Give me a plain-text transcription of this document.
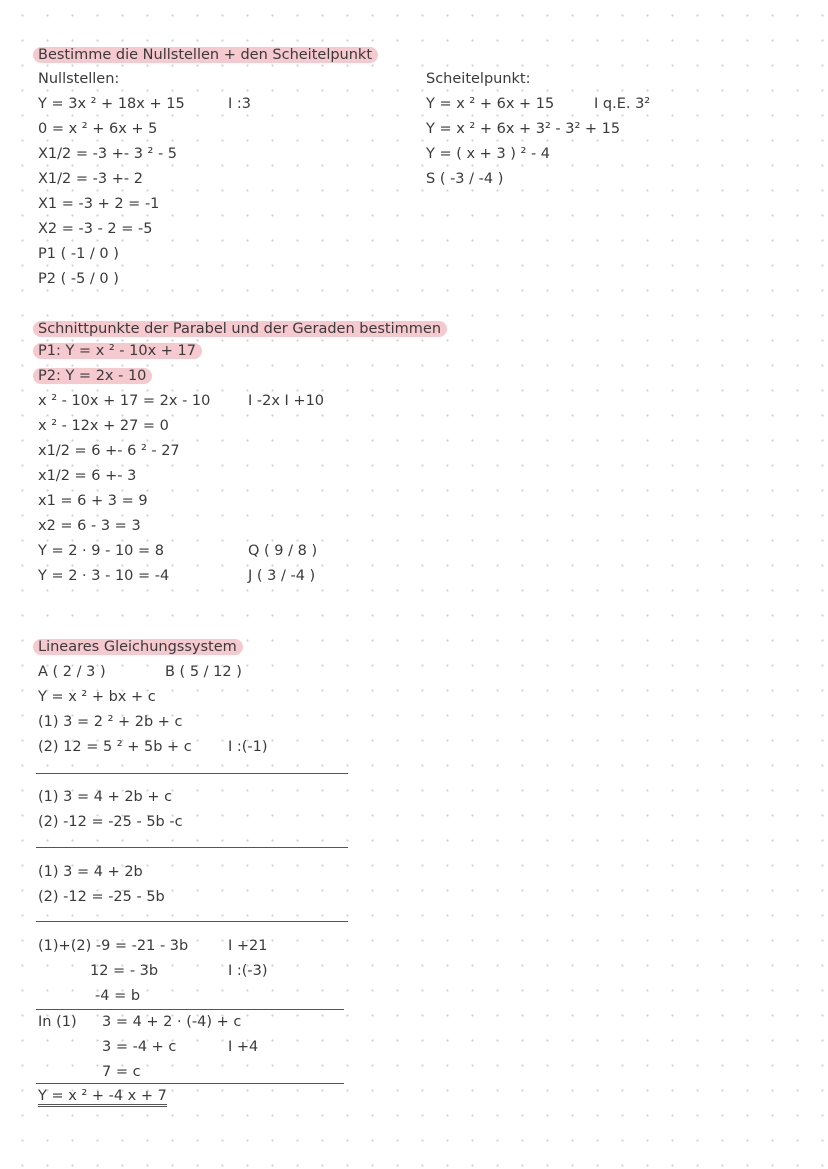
Bestimme die Nullstellen + den Scheitelpunkt
Nullstellen:
Y = 3x ² + 18x + 15	I :3
0 = x ² + 6x + 5
X1/2 = -3 +- 3 ² - 5
X1/2 = -3 +- 2
X1 = -3 + 2 = -1
X2 = -3 - 2 = -5
P1 ( -1 / 0 )
P2 ( -5 / 0 )
Scheitelpunkt:
Y = x ² + 6x + 15	I q.E. 3²
Y = x ² + 6x + 3² - 3² + 15
Y = ( x + 3 ) ² - 4
S ( -3 / -4 )
Schnittpunkte der Parabel und der Geraden bestimmen
P1: Y = x ² - 10x + 17
P2: Y = 2x - 10
x ² - 10x + 17 = 2x - 10	I -2x I +10
x ² - 12x + 27 = 0
x1/2 = 6 +- 6 ² - 27
x1/2 = 6 +- 3
x1 = 6 + 3 = 9
x2 = 6 - 3 = 3
Y = 2 · 9 - 10 = 8	Q ( 9 / 8 )
Y = 2 · 3 - 10 = -4	J ( 3 / -4 )
Lineares Gleichungssystem
A ( 2 / 3 )	B ( 5 / 12 )
Y = x ² + bx + c
(1) 3 = 2 ² + 2b + c
(2) 12 = 5 ² + 5b + c I :(-1)
(1) 3 = 4 + 2b + c
(2) -12 = -25 - 5b -c
(1) 3 = 4 + 2b
(2) -12 = -25 - 5b
(1)+(2) -9 = -21 - 3b	I +21
12 = - 3b	I :(-3)
-4 = b
In (1) 3 = 4 + 2 · (-4) + c
3 = -4 + c	I +4
7 = c
Y = x ² + -4 x + 7
